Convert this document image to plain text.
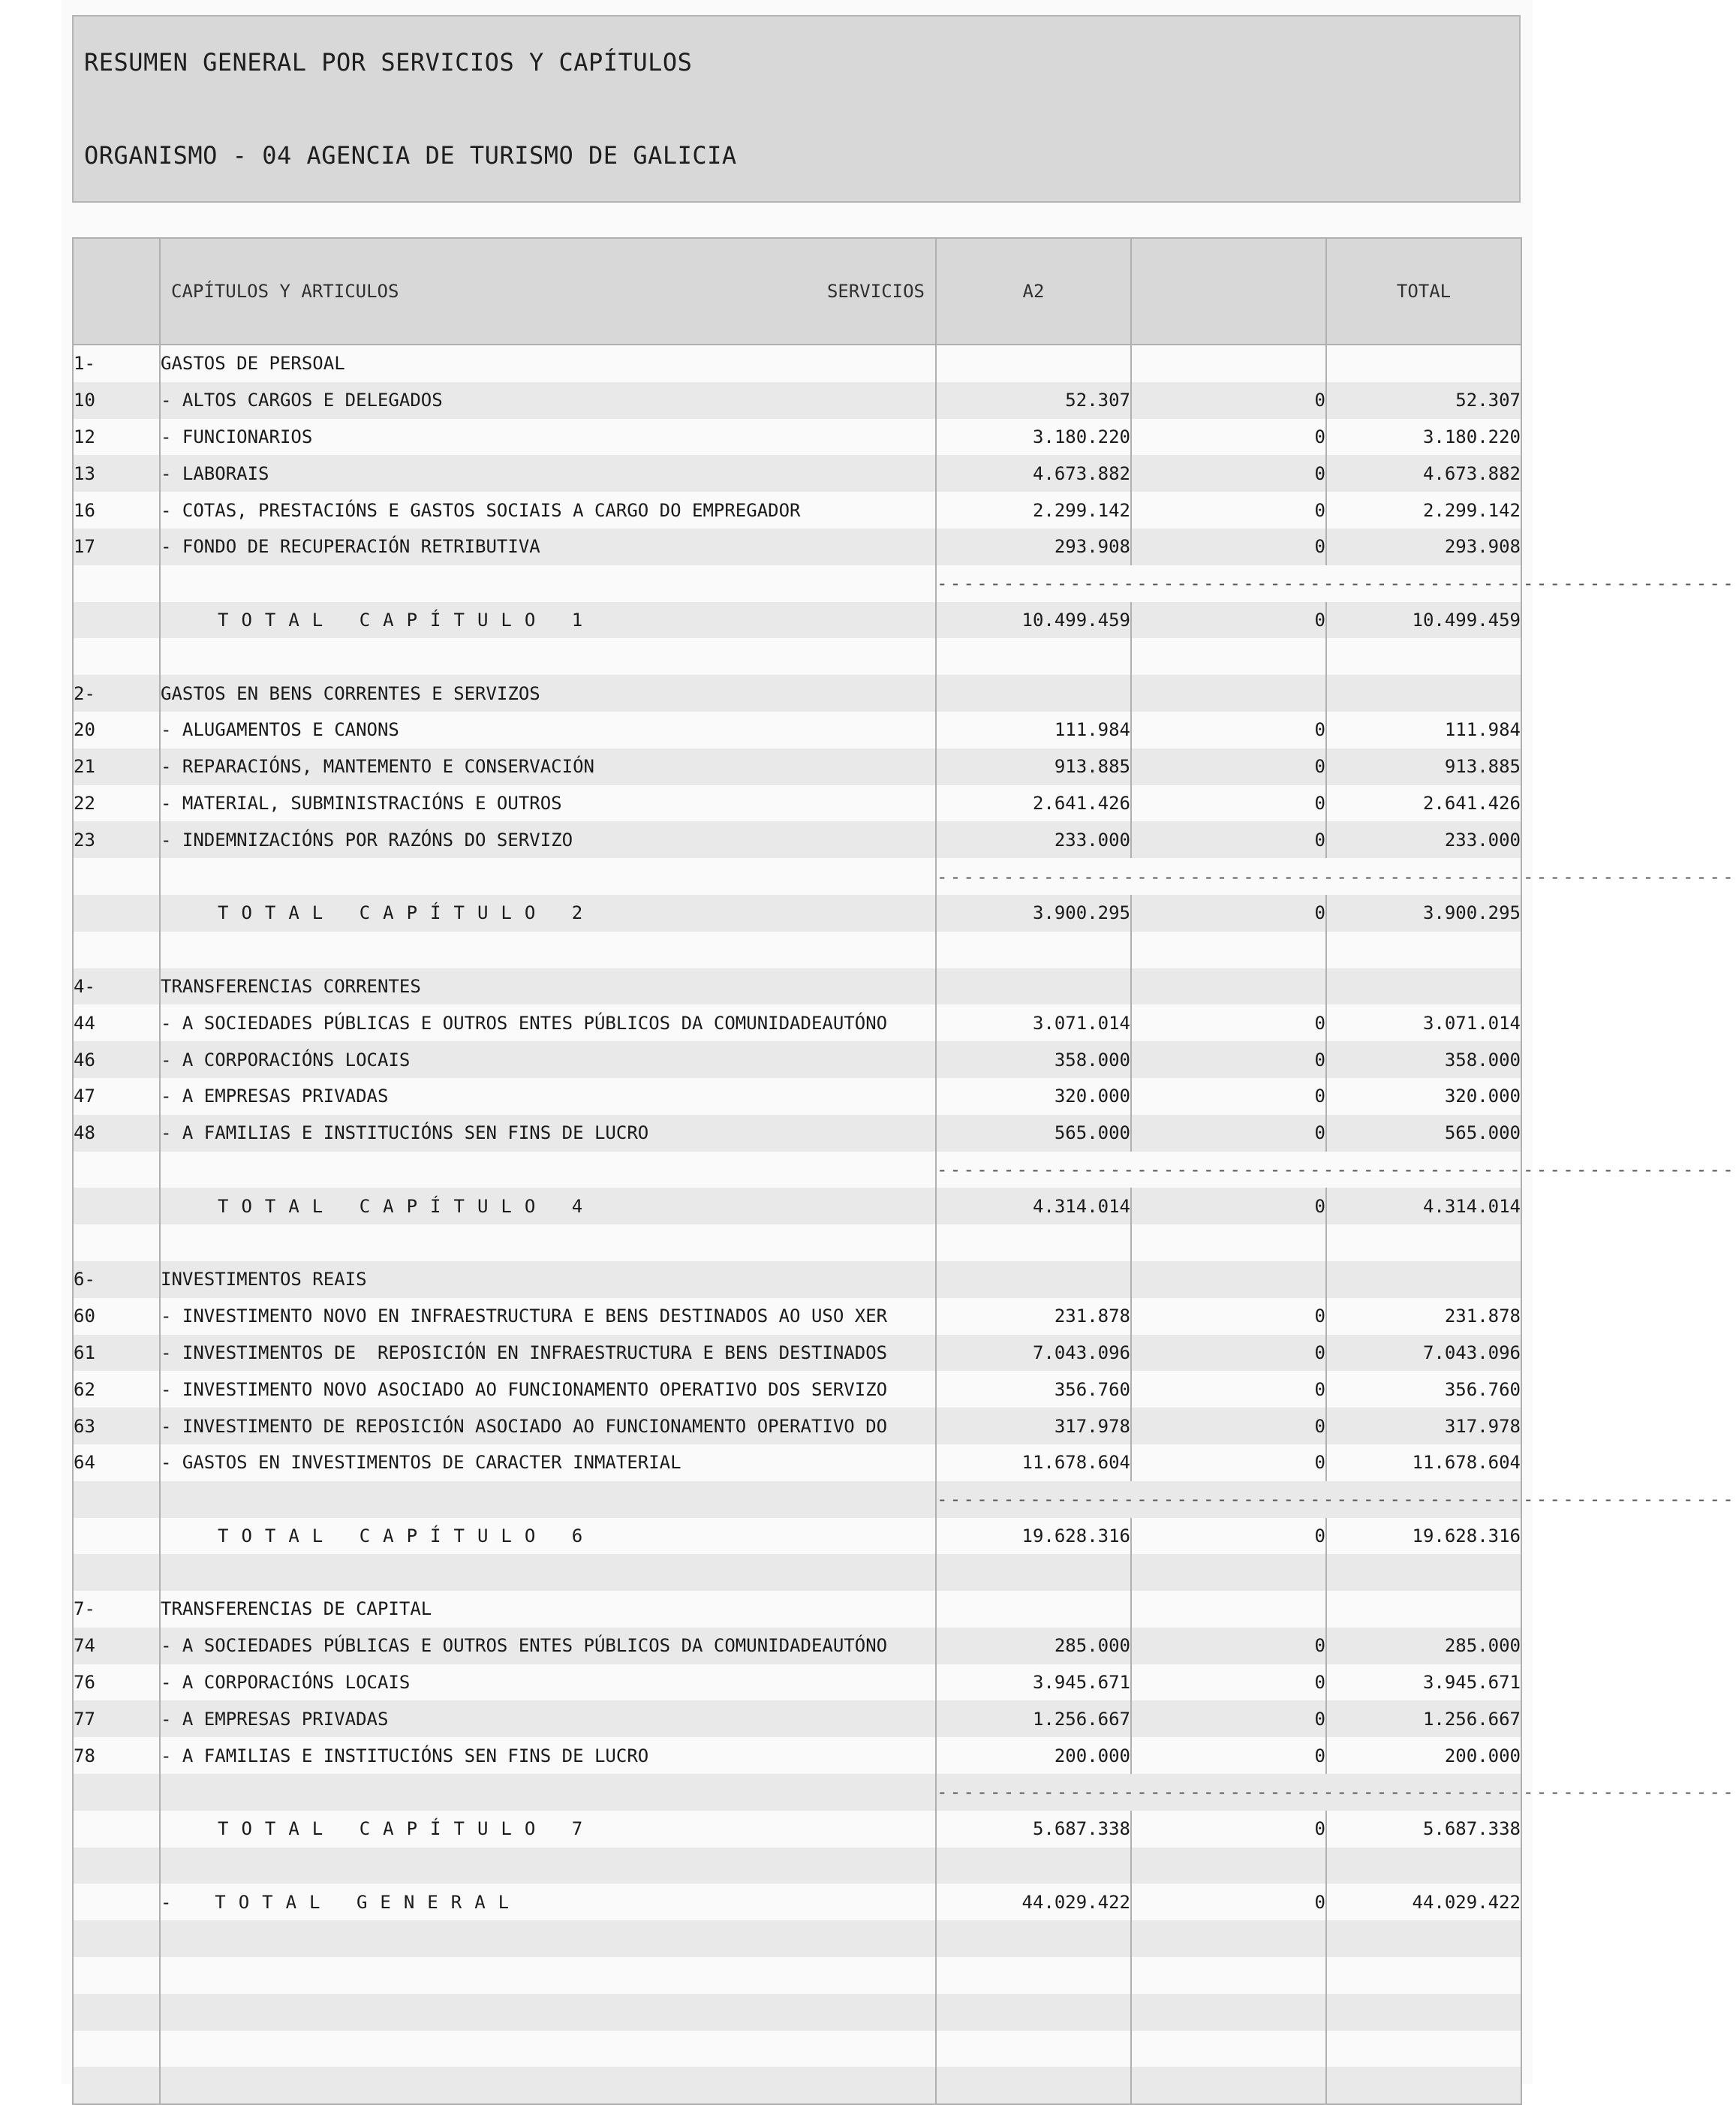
RESUMEN GENERAL POR SERVICIOS Y CAPÍTULOS
ORGANISMO - 04 AGENCIA DE TURISMO DE GALICIA

	CAPÍTULOS Y ARTICULOS SERVICIOS	A2		TOTAL
1-	GASTOS DE PERSOAL			
10	- ALTOS CARGOS E DELEGADOS	52.307	0	52.307
12	- FUNCIONARIOS	3.180.220	0	3.180.220
13	- LABORAIS	4.673.882	0	4.673.882
16	- COTAS, PRESTACIÓNS E GASTOS SOCIAIS A CARGO DO EMPREGADOR	2.299.142	0	2.299.142
17	- FONDO DE RECUPERACIÓN RETRIBUTIVA	293.908	0	293.908

		------------------------------------------------------------		

	TOTAL CAPÍTULO 1	10.499.459	0	10.499.459

2-	GASTOS EN BENS CORRENTES E SERVIZOS			
20	- ALUGAMENTOS E CANONS	111.984	0	111.984
21	- REPARACIÓNS, MANTEMENTO E CONSERVACIÓN	913.885	0	913.885
22	- MATERIAL, SUBMINISTRACIÓNS E OUTROS	2.641.426	0	2.641.426
23	- INDEMNIZACIÓNS POR RAZÓNS DO SERVIZO	233.000	0	233.000

		------------------------------------------------------------		

	TOTAL CAPÍTULO 2	3.900.295	0	3.900.295

4-	TRANSFERENCIAS CORRENTES			
44	- A SOCIEDADES PÚBLICAS E OUTROS ENTES PÚBLICOS DA COMUNIDADEAUTÓNO	3.071.014	0	3.071.014
46	- A CORPORACIÓNS LOCAIS	358.000	0	358.000
47	- A EMPRESAS PRIVADAS	320.000	0	320.000
48	- A FAMILIAS E INSTITUCIÓNS SEN FINS DE LUCRO	565.000	0	565.000

		------------------------------------------------------------		

	TOTAL CAPÍTULO 4	4.314.014	0	4.314.014

6-	INVESTIMENTOS REAIS			
60	- INVESTIMENTO NOVO EN INFRAESTRUCTURA E BENS DESTINADOS AO USO XER	231.878	0	231.878
61	- INVESTIMENTOS DE  REPOSICIÓN EN INFRAESTRUCTURA E BENS DESTINADOS	7.043.096	0	7.043.096
62	- INVESTIMENTO NOVO ASOCIADO AO FUNCIONAMENTO OPERATIVO DOS SERVIZO	356.760	0	356.760
63	- INVESTIMENTO DE REPOSICIÓN ASOCIADO AO FUNCIONAMENTO OPERATIVO DO	317.978	0	317.978
64	- GASTOS EN INVESTIMENTOS DE CARACTER INMATERIAL	11.678.604	0	11.678.604

		------------------------------------------------------------		

	TOTAL CAPÍTULO 6	19.628.316	0	19.628.316

7-	TRANSFERENCIAS DE CAPITAL			
74	- A SOCIEDADES PÚBLICAS E OUTROS ENTES PÚBLICOS DA COMUNIDADEAUTÓNO	285.000	0	285.000
76	- A CORPORACIÓNS LOCAIS	3.945.671	0	3.945.671
77	- A EMPRESAS PRIVADAS	1.256.667	0	1.256.667
78	- A FAMILIAS E INSTITUCIÓNS SEN FINS DE LUCRO	200.000	0	200.000

		------------------------------------------------------------		

	TOTAL CAPÍTULO 7	5.687.338	0	5.687.338

	- TOTAL GENERAL	44.029.422	0	44.029.422
